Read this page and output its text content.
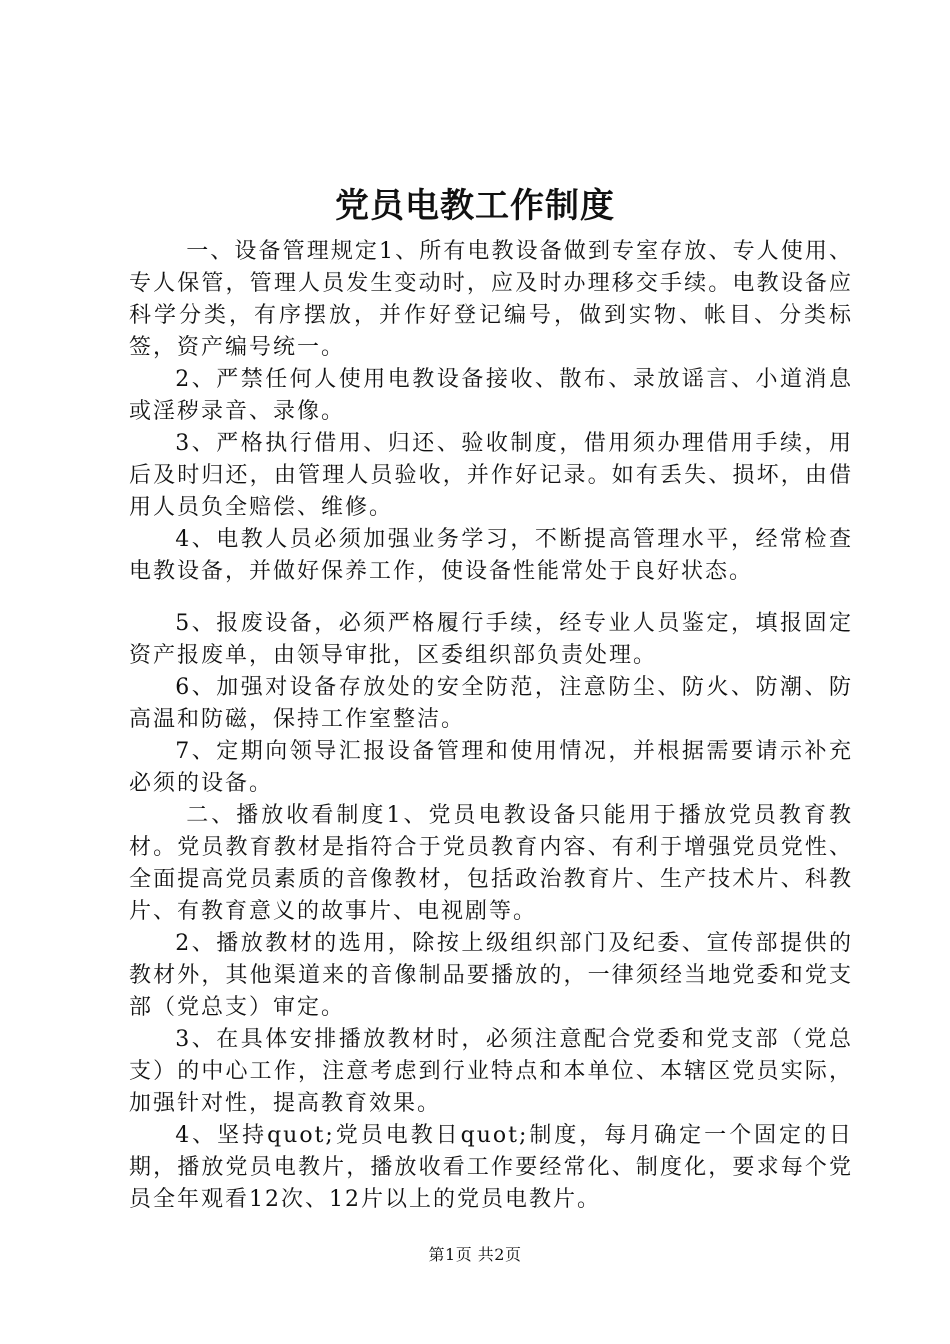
党员电教工作制度

一、设备管理规定1、所有电教设备做到专室存放、专人使用、专人保管，管理人员发生变动时，应及时办理移交手续。电教设备应科学分类，有序摆放，并作好登记编号，做到实物、帐目、分类标签，资产编号统一。

2、严禁任何人使用电教设备接收、散布、录放谣言、小道消息或淫秽录音、录像。

3、严格执行借用、归还、验收制度，借用须办理借用手续，用后及时归还，由管理人员验收，并作好记录。如有丢失、损坏，由借用人员负全赔偿、维修。

4、电教人员必须加强业务学习，不断提高管理水平，经常检查电教设备，并做好保养工作，使设备性能常处于良好状态。

5、报废设备，必须严格履行手续，经专业人员鉴定，填报固定资产报废单，由领导审批，区委组织部负责处理。

6、加强对设备存放处的安全防范，注意防尘、防火、防潮、防高温和防磁，保持工作室整洁。

7、定期向领导汇报设备管理和使用情况，并根据需要请示补充必须的设备。

二、播放收看制度1、党员电教设备只能用于播放党员教育教材。党员教育教材是指符合于党员教育内容、有利于增强党员党性、全面提高党员素质的音像教材，包括政治教育片、生产技术片、科教片、有教育意义的故事片、电视剧等。

2、播放教材的选用，除按上级组织部门及纪委、宣传部提供的教材外，其他渠道来的音像制品要播放的，一律须经当地党委和党支部（党总支）审定。

3、在具体安排播放教材时，必须注意配合党委和党支部（党总支）的中心工作，注意考虑到行业特点和本单位、本辖区党员实际，加强针对性，提高教育效果。

4、坚持quot;党员电教日quot;制度，每月确定一个固定的日期，播放党员电教片，播放收看工作要经常化、制度化，要求每个党员全年观看12次、12片以上的党员电教片。

第1页 共2页
